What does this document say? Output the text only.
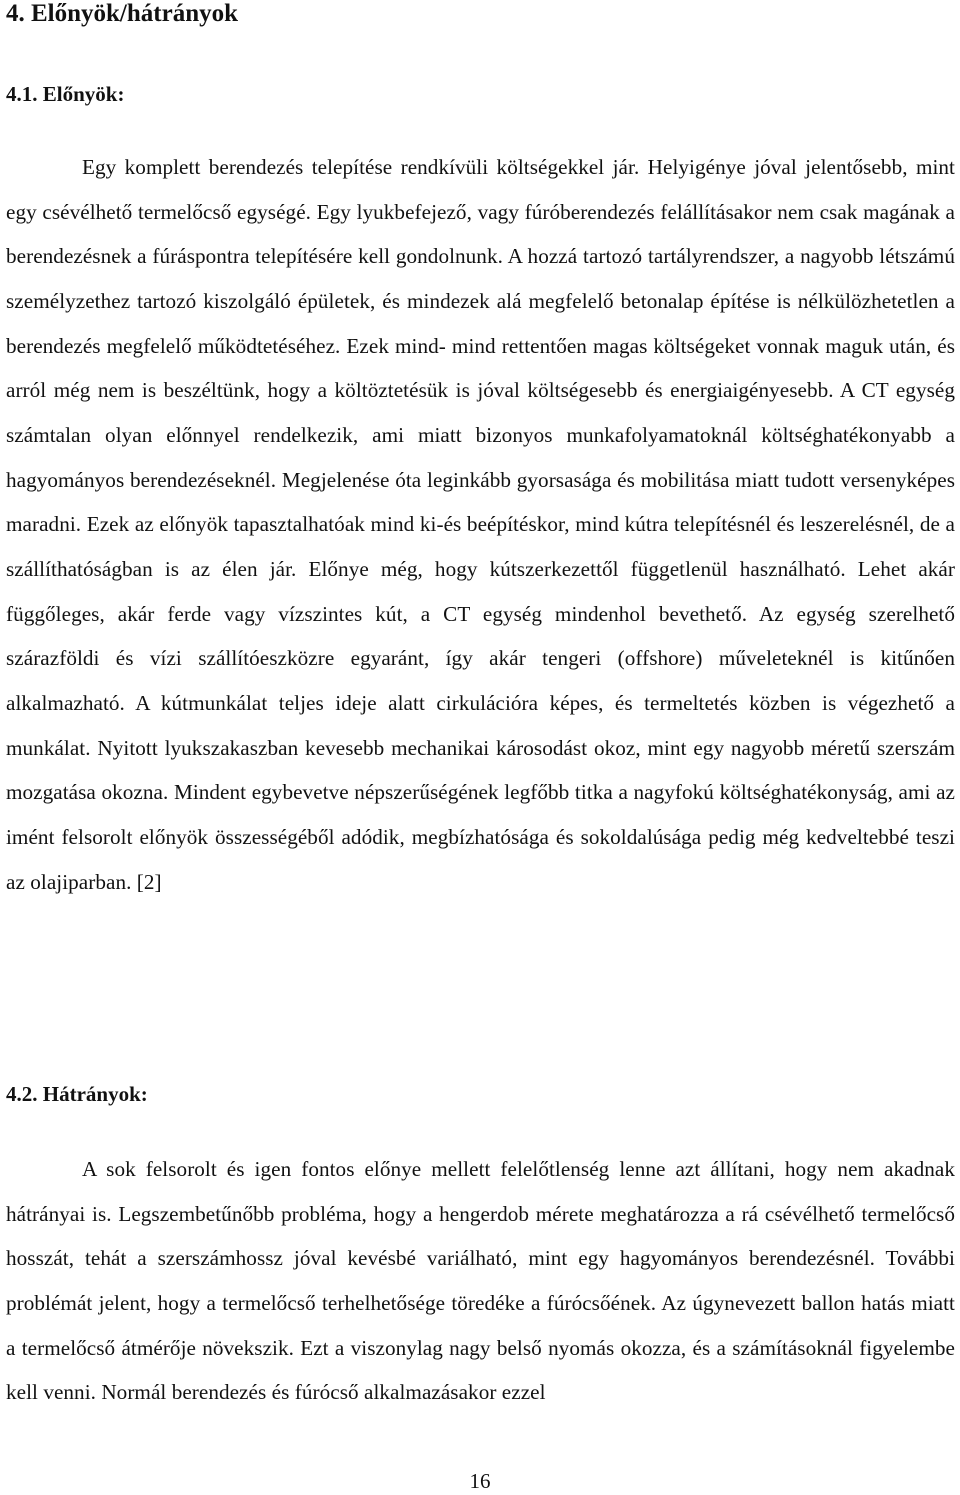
4. Előnyök/hátrányok
4.1. Előnyök:

Egy komplett berendezés telepítése rendkívüli költségekkel jár. Helyigénye jóval jelentősebb, mint egy csévélhető termelőcső egységé. Egy lyukbefejező, vagy fúróberendezés felállításakor nem csak magának a berendezésnek a fúráspontra telepítésére kell gondolnunk. A hozzá tartozó tartályrendszer, a nagyobb létszámú személyzethez tartozó kiszolgáló épületek, és mindezek alá megfelelő betonalap építése is nélkülözhetetlen a berendezés megfelelő működtetéséhez. Ezek mind- mind rettentően magas költségeket vonnak maguk után, és arról még nem is beszéltünk, hogy a költöztetésük is jóval költségesebb és energiaigényesebb. A CT egység számtalan olyan előnnyel rendelkezik, ami miatt bizonyos munkafolyamatoknál költséghatékonyabb a hagyományos berendezéseknél. Megjelenése óta leginkább gyorsasága és mobilitása miatt tudott versenyképes maradni. Ezek az előnyök tapasztalhatóak mind ki-és beépítéskor, mind kútra telepítésnél és leszerelésnél, de a szállíthatóságban is az élen jár. Előnye még, hogy kútszerkezettől függetlenül használható. Lehet akár függőleges, akár ferde vagy vízszintes kút, a CT egység mindenhol bevethető. Az egység szerelhető szárazföldi és vízi szállítóeszközre egyaránt, így akár tengeri (offshore) műveleteknél is kitűnően alkalmazható. A kútmunkálat teljes ideje alatt cirkulációra képes, és termeltetés közben is végezhető a munkálat. Nyitott lyukszakaszban kevesebb mechanikai károsodást okoz, mint egy nagyobb méretű szerszám mozgatása okozna. Mindent egybevetve népszerűségének legfőbb titka a nagyfokú költséghatékonyság, ami az imént felsorolt előnyök összességéből adódik, megbízhatósága és sokoldalúsága pedig még kedveltebbé teszi az olajiparban. [2]

4.2. Hátrányok:

A sok felsorolt és igen fontos előnye mellett felelőtlenség lenne azt állítani, hogy nem akadnak hátrányai is. Legszembetűnőbb probléma, hogy a hengerdob mérete meghatározza a rá csévélhető termelőcső hosszát, tehát a szerszámhossz jóval kevésbé variálható, mint egy hagyományos berendezésnél. További problémát jelent, hogy a termelőcső terhelhetősége töredéke a fúrócsőének. Az úgynevezett ballon hatás miatt a termelőcső átmérője növekszik. Ezt a viszonylag nagy belső nyomás okozza, és a számításoknál figyelembe kell venni. Normál berendezés és fúrócső alkalmazásakor ezzel

16
